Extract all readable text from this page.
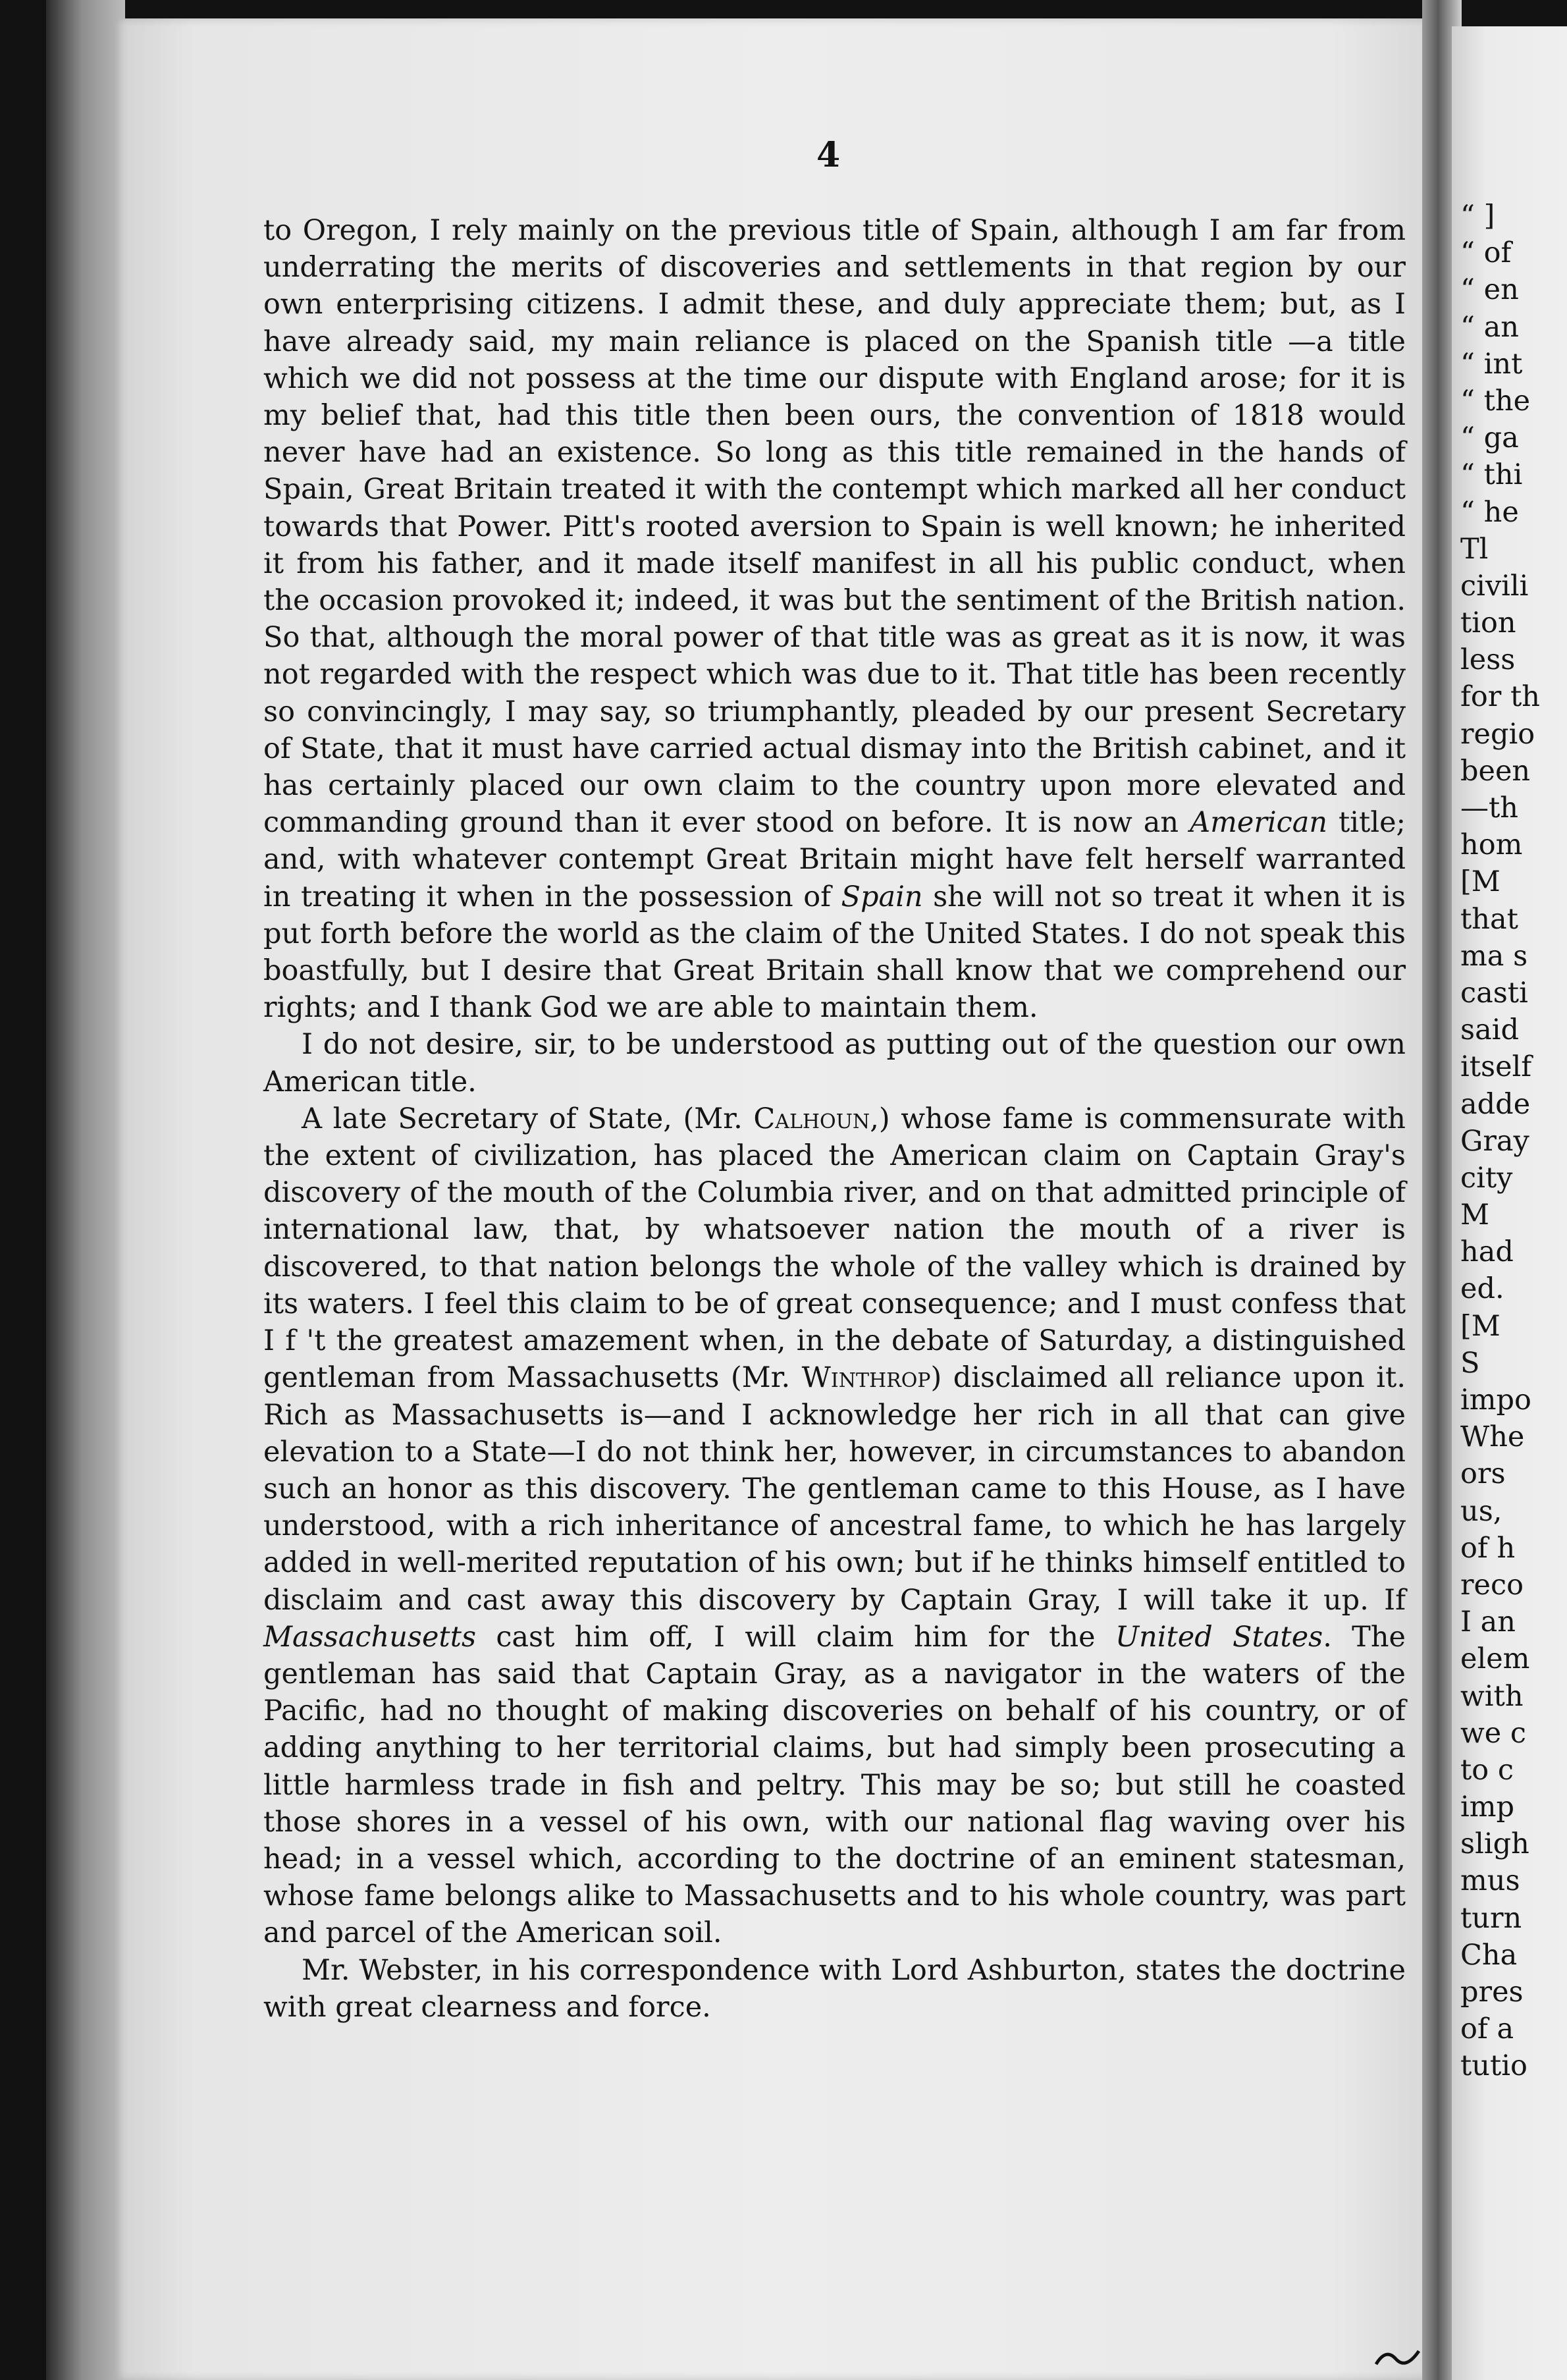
4

to Oregon, I rely mainly on the previous title of Spain, although I am far from underrating the merits of discoveries and settlements in that region by our own enterprising citizens. I admit these, and duly appreciate them; but, as I have already said, my main reliance is placed on the Spanish title —a title which we did not possess at the time our dispute with England arose; for it is my belief that, had this title then been ours, the convention of 1818 would never have had an existence. So long as this title remained in the hands of Spain, Great Britain treated it with the contempt which marked all her conduct towards that Power. Pitt's rooted aversion to Spain is well known; he inherited it from his father, and it made itself manifest in all his public conduct, when the occasion provoked it; indeed, it was but the sentiment of the British nation. So that, although the moral power of that title was as great as it is now, it was not regarded with the respect which was due to it. That title has been recently so convincingly, I may say, so triumphantly, pleaded by our present Secretary of State, that it must have carried actual dismay into the British cabinet, and it has certainly placed our own claim to the country upon more elevated and commanding ground than it ever stood on before. It is now an American title; and, with whatever contempt Great Britain might have felt herself warranted in treating it when in the possession of Spain she will not so treat it when it is put forth before the world as the claim of the United States. I do not speak this boastfully, but I desire that Great Britain shall know that we comprehend our rights; and I thank God we are able to maintain them.

I do not desire, sir, to be understood as putting out of the question our own American title.

A late Secretary of State, (Mr. Calhoun,) whose fame is commensurate with the extent of civilization, has placed the American claim on Captain Gray's discovery of the mouth of the Columbia river, and on that admitted principle of international law, that, by whatsoever nation the mouth of a river is discovered, to that nation belongs the whole of the valley which is drained by its waters. I feel this claim to be of great consequence; and I must confess that I f 't the greatest amazement when, in the debate of Saturday, a distinguished gentleman from Massachusetts (Mr. Winthrop) disclaimed all reliance upon it. Rich as Massachusetts is—and I acknowledge her rich in all that can give elevation to a State—I do not think her, however, in circumstances to abandon such an honor as this discovery. The gentleman came to this House, as I have understood, with a rich inheritance of ancestral fame, to which he has largely added in well-merited reputation of his own; but if he thinks himself entitled to disclaim and cast away this discovery by Captain Gray, I will take it up. If Massachusetts cast him off, I will claim him for the United States. The gentleman has said that Captain Gray, as a navigator in the waters of the Pacific, had no thought of making discoveries on behalf of his country, or of adding anything to her territorial claims, but had simply been prosecuting a little harmless trade in fish and peltry. This may be so; but still he coasted those shores in a vessel of his own, with our national flag waving over his head; in a vessel which, according to the doctrine of an eminent statesman, whose fame belongs alike to Massachusetts and to his whole country, was part and parcel of the American soil.

Mr. Webster, in his correspondence with Lord Ashburton, states the doctrine with great clearness and force.

“ ]
“ of
“ en
“ an
“ int
“ the
“ ga
“ thi
“ he
Tl
civili
tion
less
for th
regio
been
—th
hom
[M
that
ma s
casti
said
itself
adde
Gray
city
M
had
ed.
[M
S
impo
Whe
ors
us,
of h
reco
I an
elem
with
we c
to c
imp
sligh
mus
turn
Cha
pres
of a
tutio
